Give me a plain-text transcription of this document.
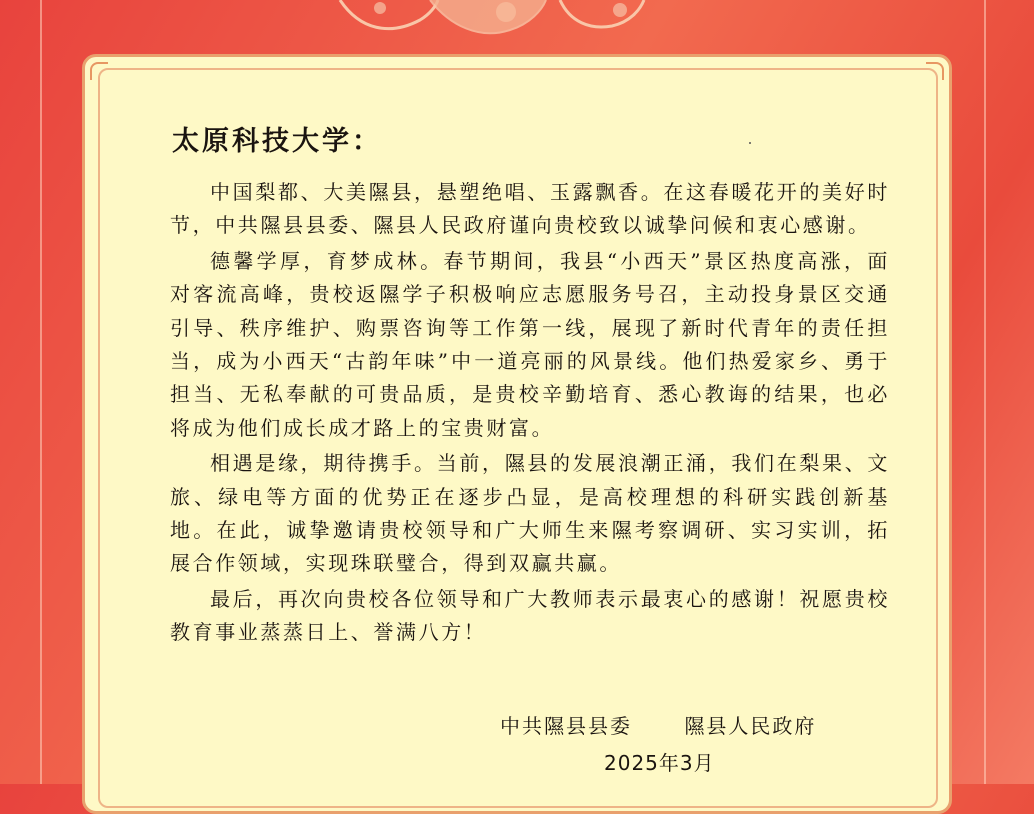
太原科技大学：

中国梨都、大美隰县，悬塑绝唱、玉露飘香。在这春暖花开的美好时节，中共隰县县委、隰县人民政府谨向贵校致以诚挚问候和衷心感谢。

德馨学厚，育梦成林。春节期间，我县“小西天”景区热度高涨，面对客流高峰，贵校返隰学子积极响应志愿服务号召，主动投身景区交通引导、秩序维护、购票咨询等工作第一线，展现了新时代青年的责任担当，成为小西天“古韵年味”中一道亮丽的风景线。他们热爱家乡、勇于担当、无私奉献的可贵品质，是贵校辛勤培育、悉心教诲的结果，也必将成为他们成长成才路上的宝贵财富。

相遇是缘，期待携手。当前，隰县的发展浪潮正涌，我们在梨果、文旅、绿电等方面的优势正在逐步凸显，是高校理想的科研实践创新基地。在此，诚挚邀请贵校领导和广大师生来隰考察调研、实习实训，拓展合作领域，实现珠联璧合，得到双赢共赢。

最后，再次向贵校各位领导和广大教师表示最衷心的感谢！祝愿贵校教育事业蒸蒸日上、誉满八方！

中共隰县县委	隰县人民政府
2025年3月
